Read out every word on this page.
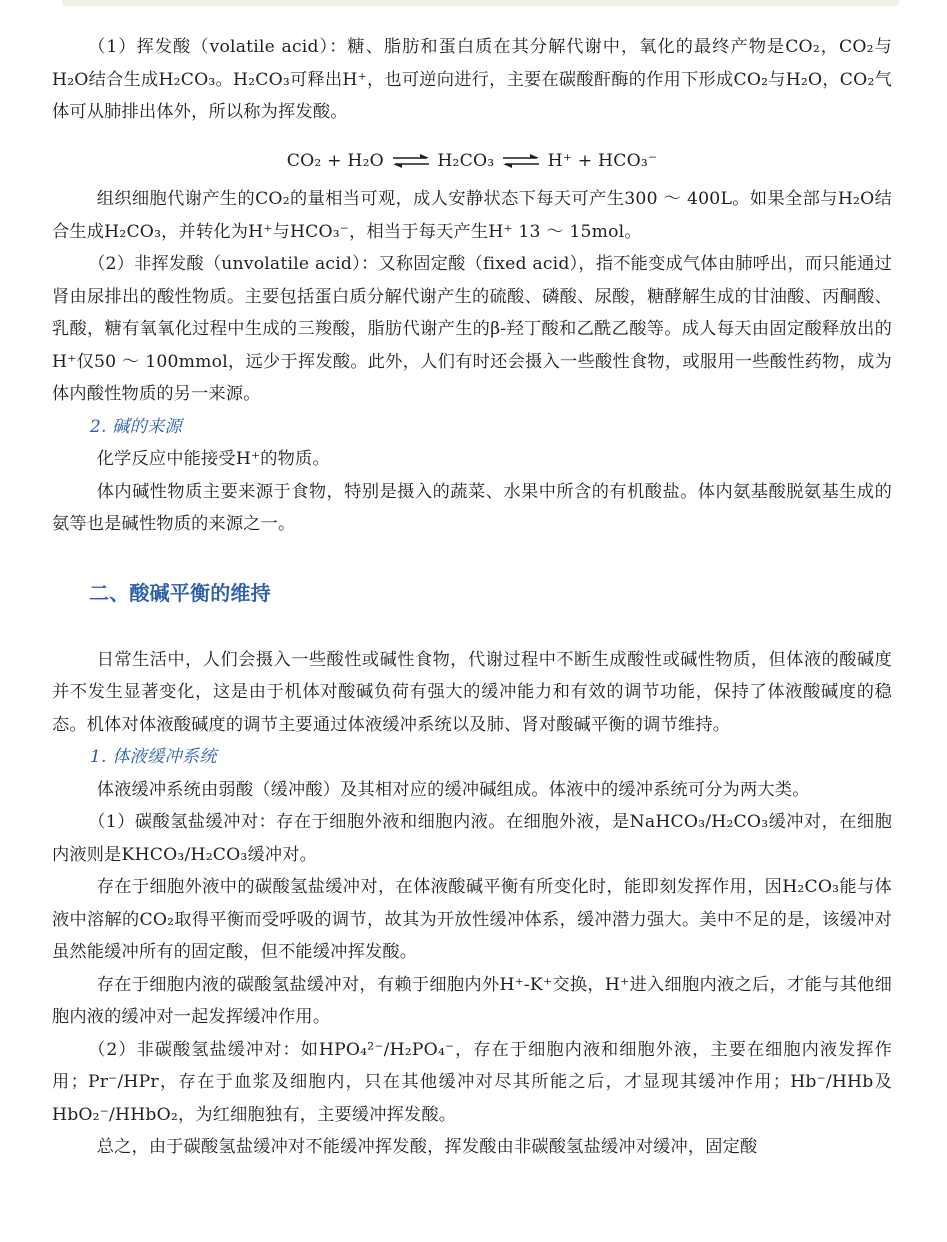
（1）挥发酸（volatile acid）：糖、脂肪和蛋白质在其分解代谢中，氧化的最终产物是CO₂，CO₂与H₂O结合生成H₂CO₃。H₂CO₃可释出H⁺，也可逆向进行，主要在碳酸酐酶的作用下形成CO₂与H₂O，CO₂气体可从肺排出体外，所以称为挥发酸。

CO₂ + H₂O ⇌ H₂CO₃ ⇌ H⁺ + HCO₃⁻

组织细胞代谢产生的CO₂的量相当可观，成人安静状态下每天可产生300 ～ 400L。如果全部与H₂O结合生成H₂CO₃，并转化为H⁺与HCO₃⁻，相当于每天产生H⁺ 13 ～ 15mol。

（2）非挥发酸（unvolatile acid）：又称固定酸（fixed acid），指不能变成气体由肺呼出，而只能通过肾由尿排出的酸性物质。主要包括蛋白质分解代谢产生的硫酸、磷酸、尿酸，糖酵解生成的甘油酸、丙酮酸、乳酸，糖有氧氧化过程中生成的三羧酸，脂肪代谢产生的β-羟丁酸和乙酰乙酸等。成人每天由固定酸释放出的H⁺仅50 ～ 100mmol，远少于挥发酸。此外，人们有时还会摄入一些酸性食物，或服用一些酸性药物，成为体内酸性物质的另一来源。

2. 碱的来源

化学反应中能接受H⁺的物质。

体内碱性物质主要来源于食物，特别是摄入的蔬菜、水果中所含的有机酸盐。体内氨基酸脱氨基生成的氨等也是碱性物质的来源之一。

二、酸碱平衡的维持

日常生活中，人们会摄入一些酸性或碱性食物，代谢过程中不断生成酸性或碱性物质，但体液的酸碱度并不发生显著变化，这是由于机体对酸碱负荷有强大的缓冲能力和有效的调节功能，保持了体液酸碱度的稳态。机体对体液酸碱度的调节主要通过体液缓冲系统以及肺、肾对酸碱平衡的调节维持。

1. 体液缓冲系统

体液缓冲系统由弱酸（缓冲酸）及其相对应的缓冲碱组成。体液中的缓冲系统可分为两大类。

（1）碳酸氢盐缓冲对：存在于细胞外液和细胞内液。在细胞外液，是NaHCO₃/H₂CO₃缓冲对，在细胞内液则是KHCO₃/H₂CO₃缓冲对。

存在于细胞外液中的碳酸氢盐缓冲对，在体液酸碱平衡有所变化时，能即刻发挥作用，因H₂CO₃能与体液中溶解的CO₂取得平衡而受呼吸的调节，故其为开放性缓冲体系，缓冲潜力强大。美中不足的是，该缓冲对虽然能缓冲所有的固定酸，但不能缓冲挥发酸。

存在于细胞内液的碳酸氢盐缓冲对，有赖于细胞内外H⁺-K⁺交换，H⁺进入细胞内液之后，才能与其他细胞内液的缓冲对一起发挥缓冲作用。

（2）非碳酸氢盐缓冲对：如HPO₄²⁻/H₂PO₄⁻，存在于细胞内液和细胞外液，主要在细胞内液发挥作用；Pr⁻/HPr，存在于血浆及细胞内，只在其他缓冲对尽其所能之后，才显现其缓冲作用；Hb⁻/HHb及HbO₂⁻/HHbO₂，为红细胞独有，主要缓冲挥发酸。

总之，由于碳酸氢盐缓冲对不能缓冲挥发酸，挥发酸由非碳酸氢盐缓冲对缓冲，固定酸
